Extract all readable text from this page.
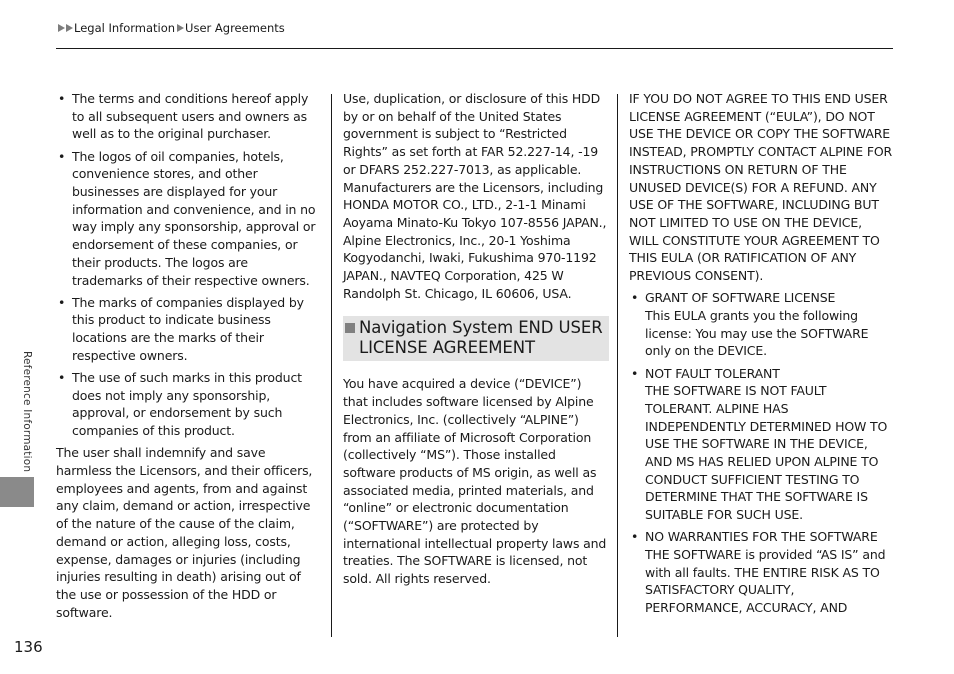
Legal Information User Agreements
• The terms and conditions hereof apply to all subsequent users and owners as well as to the original purchaser.
• The logos of oil companies, hotels, convenience stores, and other businesses are displayed for your information and convenience, and in no way imply any sponsorship, approval or endorsement of these companies, or their products. The logos are trademarks of their respective owners.
• The marks of companies displayed by this product to indicate business locations are the marks of their respective owners.
• The use of such marks in this product does not imply any sponsorship, approval, or endorsement by such companies of this product.

The user shall indemnify and save harmless the Licensors, and their officers, employees and agents, from and against any claim, demand or action, irrespective of the nature of the cause of the claim, demand or action, alleging loss, costs, expense, damages or injuries (including injuries resulting in death) arising out of the use or possession of the HDD or software.

Use, duplication, or disclosure of this HDD by or on behalf of the United States government is subject to “Restricted Rights” as set forth at FAR 52.227-14, -19 or DFARS 252.227-7013, as applicable. Manufacturers are the Licensors, including HONDA MOTOR CO., LTD., 2-1-1 Minami Aoyama Minato-Ku Tokyo 107-8556 JAPAN., Alpine Electronics, Inc., 20-1 Yoshima Kogyodanchi, Iwaki, Fukushima 970-1192 JAPAN., NAVTEQ Corporation, 425 W Randolph St. Chicago, IL 60606, USA.

Navigation System END USER LICENSE AGREEMENT

You have acquired a device (“DEVICE”) that includes software licensed by Alpine Electronics, Inc. (collectively “ALPINE”) from an affiliate of Microsoft Corporation (collectively “MS”). Those installed software products of MS origin, as well as associated media, printed materials, and “online” or electronic documentation (“SOFTWARE”) are protected by international intellectual property laws and treaties. The SOFTWARE is licensed, not sold. All rights reserved.

IF YOU DO NOT AGREE TO THIS END USER LICENSE AGREEMENT (“EULA”), DO NOT USE THE DEVICE OR COPY THE SOFTWARE INSTEAD, PROMPTLY CONTACT ALPINE FOR INSTRUCTIONS ON RETURN OF THE UNUSED DEVICE(S) FOR A REFUND. ANY USE OF THE SOFTWARE, INCLUDING BUT NOT LIMITED TO USE ON THE DEVICE, WILL CONSTITUTE YOUR AGREEMENT TO THIS EULA (OR RATIFICATION OF ANY PREVIOUS CONSENT).

• GRANT OF SOFTWARE LICENSE
This EULA grants you the following license: You may use the SOFTWARE only on the DEVICE.
• NOT FAULT TOLERANT
THE SOFTWARE IS NOT FAULT TOLERANT. ALPINE HAS INDEPENDENTLY DETERMINED HOW TO USE THE SOFTWARE IN THE DEVICE, AND MS HAS RELIED UPON ALPINE TO CONDUCT SUFFICIENT TESTING TO DETERMINE THAT THE SOFTWARE IS SUITABLE FOR SUCH USE.
• NO WARRANTIES FOR THE SOFTWARE
THE SOFTWARE is provided “AS IS” and with all faults. THE ENTIRE RISK AS TO SATISFACTORY QUALITY, PERFORMANCE, ACCURACY, AND
Reference Information
136
